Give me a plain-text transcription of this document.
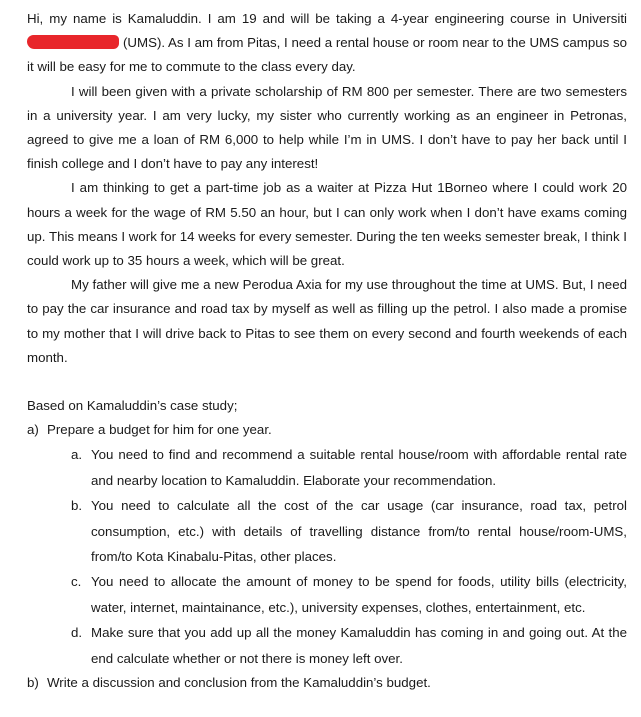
Hi, my name is Kamaluddin. I am 19 and will be taking a 4-year engineering course in Universiti (UMS). As I am from Pitas, I need a rental house or room near to the UMS campus so it will be easy for me to commute to the class every day.

I will been given with a private scholarship of RM 800 per semester. There are two semesters in a university year. I am very lucky, my sister who currently working as an engineer in Petronas, agreed to give me a loan of RM 6,000 to help while I’m in UMS. I don’t have to pay her back until I finish college and I don’t have to pay any interest!

I am thinking to get a part-time job as a waiter at Pizza Hut 1Borneo where I could work 20 hours a week for the wage of RM 5.50 an hour, but I can only work when I don’t have exams coming up. This means I work for 14 weeks for every semester. During the ten weeks semester break, I think I could work up to 35 hours a week, which will be great.

My father will give me a new Perodua Axia for my use throughout the time at UMS. But, I need to pay the car insurance and road tax by myself as well as filling up the petrol. I also made a promise to my mother that I will drive back to Pitas to see them on every second and fourth weekends of each month.

Based on Kamaluddin’s case study;

a) Prepare a budget for him for one year.
a. You need to find and recommend a suitable rental house/room with affordable rental rate and nearby location to Kamaluddin. Elaborate your recommendation.
b. You need to calculate all the cost of the car usage (car insurance, road tax, petrol consumption, etc.) with details of travelling distance from/to rental house/room-UMS, from/to Kota Kinabalu-Pitas, other places.
c. You need to allocate the amount of money to be spend for foods, utility bills (electricity, water, internet, maintainance, etc.), university expenses, clothes, entertainment, etc.
d. Make sure that you add up all the money Kamaluddin has coming in and going out. At the end calculate whether or not there is money left over.
b) Write a discussion and conclusion from the Kamaluddin’s budget.
